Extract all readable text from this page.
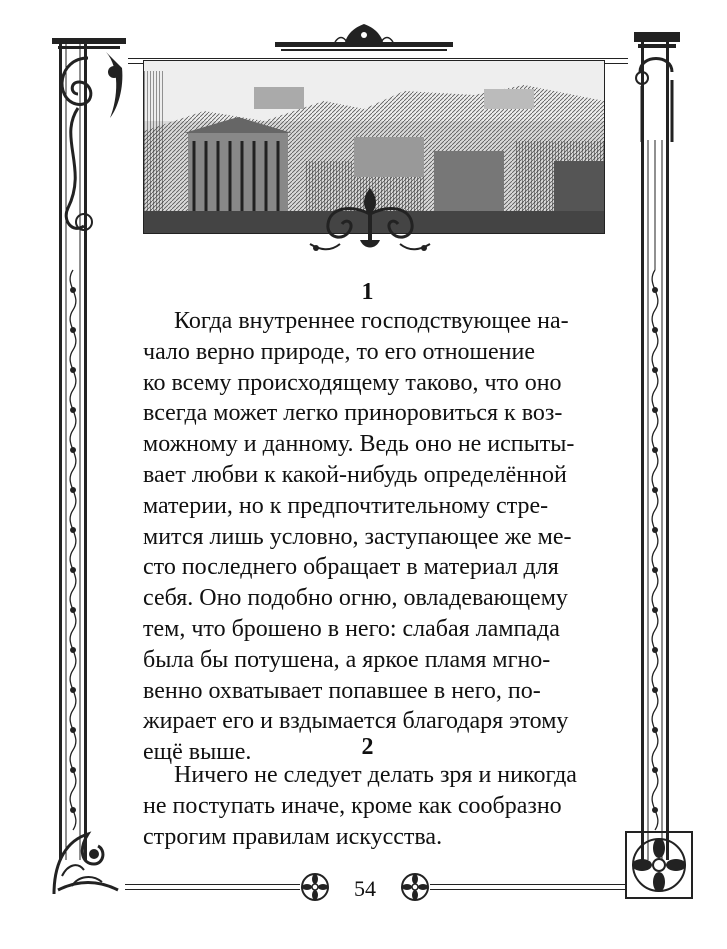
1

Когда внутреннее господствующее на-
чало верно природе, то его отношение
ко всему происходящему таково, что оно
всегда может легко приноровиться к воз-
можному и данному. Ведь оно не испыты-
вает любви к какой-нибудь определённой
материи, но к предпочтительному стре-
мится лишь условно, заступающее же ме-
сто последнего обращает в материал для
себя. Оно подобно огню, овладевающему
тем, что брошено в него: слабая лампада
была бы потушена, а яркое пламя мгно-
венно охватывает попавшее в него, по-
жирает его и вздымается благодаря этому
ещё выше.	2

Ничего не следует делать зря и никогда
не поступать иначе, кроме как сообразно
строгим правилам искусства.

54
